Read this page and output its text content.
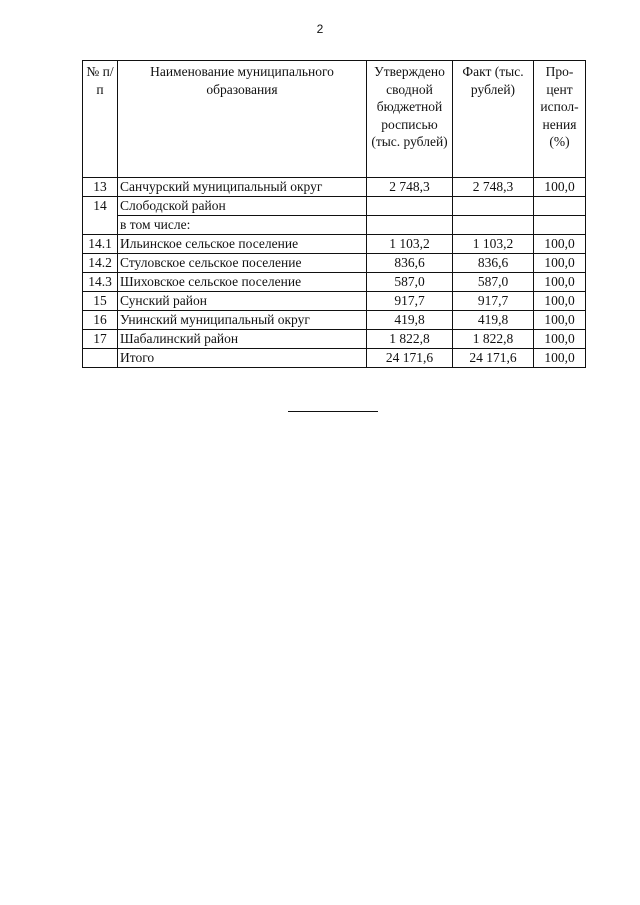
2
№ п/п	Наименование муниципального образования	Утверждено сводной бюджетной росписью (тыс. рублей)	Факт (тыс. рублей)	Процент исполнения (%)
13	Санчурский муниципальный округ	2 748,3	2 748,3	100,0
14	Слободской район			
	в том числе:			
14.1	Ильинское сельское поселение	1 103,2	1 103,2	100,0
14.2	Стуловское сельское поселение	836,6	836,6	100,0
14.3	Шиховское сельское поселение	587,0	587,0	100,0
15	Сунский район	917,7	917,7	100,0
16	Унинский муниципальный округ	419,8	419,8	100,0
17	Шабалинский район	1 822,8	1 822,8	100,0
	Итого	24 171,6	24 171,6	100,0
